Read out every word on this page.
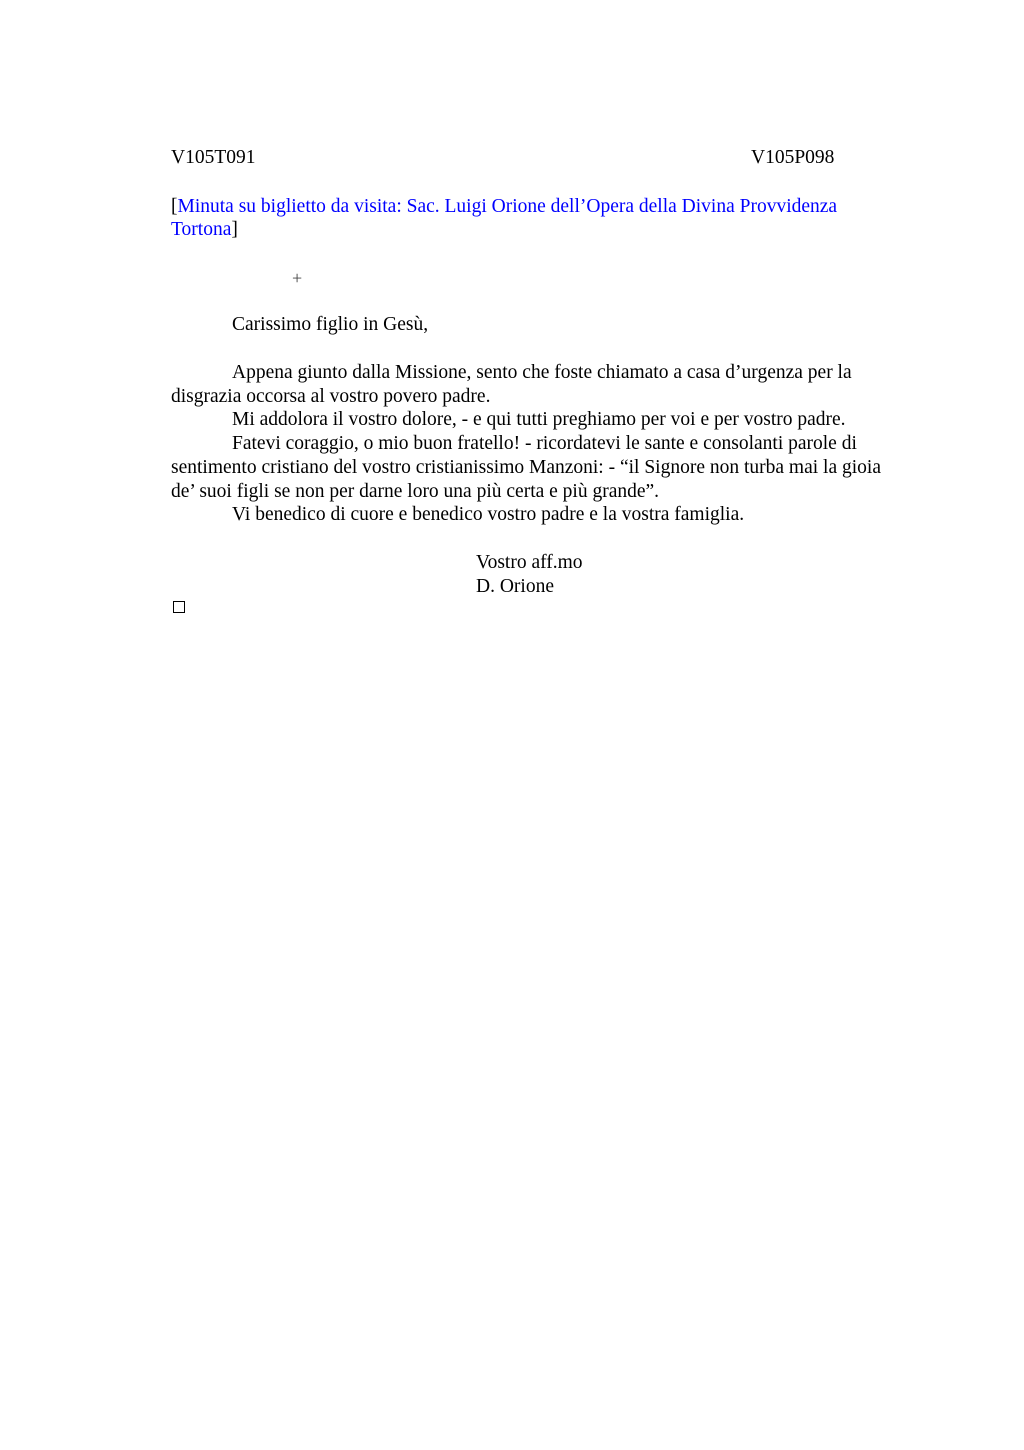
V105T091	V105P098
[Minuta su biglietto da visita: Sac. Luigi Orione dell’Opera della Divina Provvidenza
Tortona]
+
Carissimo figlio in Gesù,
Appena giunto dalla Missione, sento che foste chiamato a casa d’urgenza per la
disgrazia occorsa al vostro povero padre.
Mi addolora il vostro dolore, - e qui tutti preghiamo per voi e per vostro padre.
Fatevi coraggio, o mio buon fratello! - ricordatevi le sante e consolanti parole di
sentimento cristiano del vostro cristianissimo Manzoni: - “il Signore non turba mai la gioia
de’ suoi figli se non per darne loro una più certa e più grande”.
Vi benedico di cuore e benedico vostro padre e la vostra famiglia.
Vostro aff.mo
D. Orione
